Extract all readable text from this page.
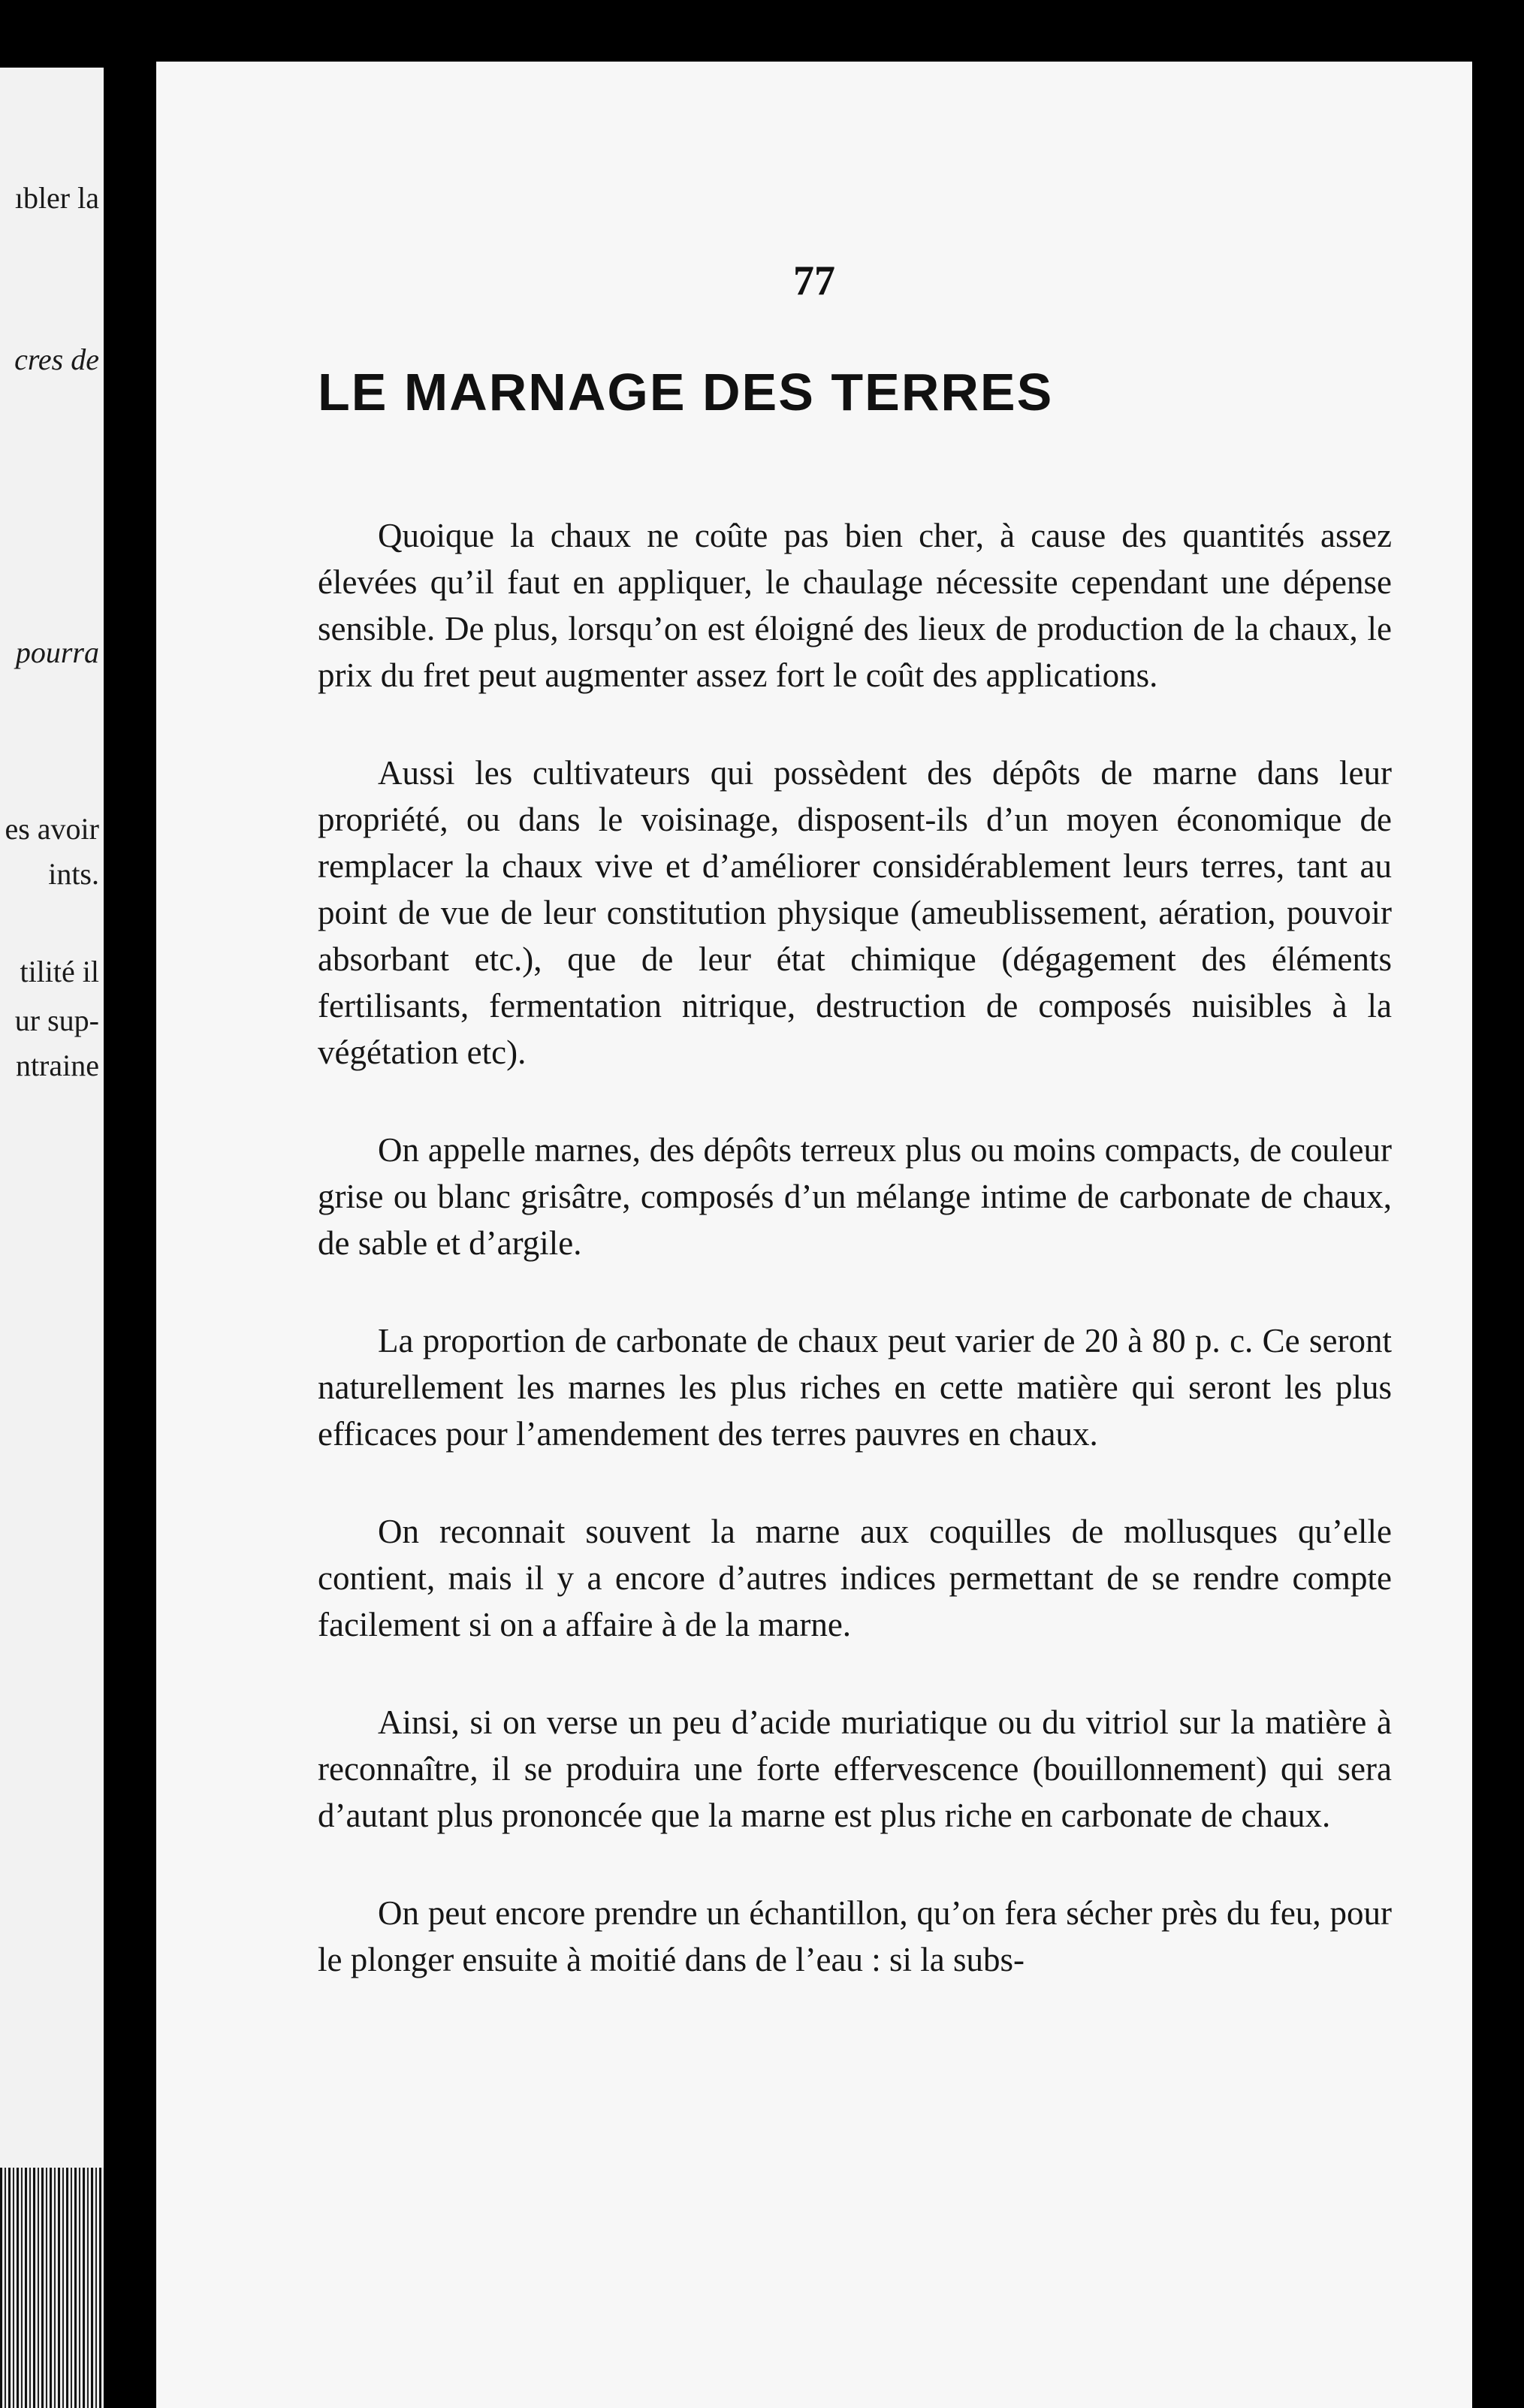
ıbler la
cres de
pourra
es avoir
ints.
tilité il
ur sup-
ntraine
77
LE MARNAGE DES TERRES

Quoique la chaux ne coûte pas bien cher, à cause des quantités assez élevées qu’il faut en appliquer, le chaulage nécessite cependant une dépense sensible. De plus, lorsqu’on est éloigné des lieux de production de la chaux, le prix du fret peut augmenter assez fort le coût des applications.

Aussi les cultivateurs qui possèdent des dépôts de marne dans leur propriété, ou dans le voisinage, disposent-ils d’un moyen économique de remplacer la chaux vive et d’améliorer considérablement leurs terres, tant au point de vue de leur constitution physique (ameublissement, aération, pouvoir absorbant etc.), que de leur état chimique (dégagement des éléments fertilisants, fermentation nitrique, destruction de composés nuisibles à la végétation etc).

On appelle marnes, des dépôts terreux plus ou moins compacts, de couleur grise ou blanc grisâtre, composés d’un mélange intime de carbonate de chaux, de sable et d’argile.

La proportion de carbonate de chaux peut varier de 20 à 80 p. c. Ce seront naturellement les marnes les plus riches en cette matière qui seront les plus efficaces pour l’amendement des terres pauvres en chaux.

On reconnait souvent la marne aux coquilles de mollusques qu’elle contient, mais il y a encore d’autres indices permettant de se rendre compte facilement si on a affaire à de la marne.

Ainsi, si on verse un peu d’acide muriatique ou du vitriol sur la matière à reconnaître, il se produira une forte effervescence (bouillonnement) qui sera d’autant plus prononcée que la marne est plus riche en carbonate de chaux.

On peut encore prendre un échantillon, qu’on fera sécher près du feu, pour le plonger ensuite à moitié dans de l’eau : si la subs-
